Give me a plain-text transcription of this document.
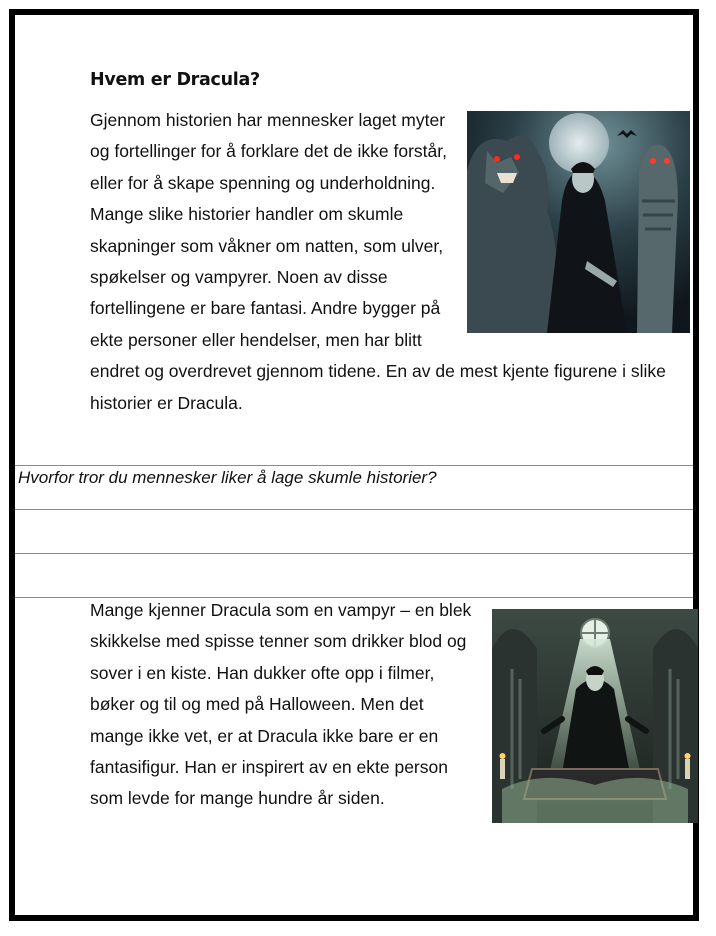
Hvem er Dracula?
Gjennom historien har mennesker laget myter og fortellinger for å forklare det de ikke forstår, eller for å skape spenning og underholdning. Mange slike historier handler om skumle skapninger som våkner om natten, som ulver, spøkelser og vampyrer. Noen av disse fortellingene er bare fantasi. Andre bygger på ekte personer eller hendelser, men har blitt endret og overdrevet gjennom tidene. En av de mest kjente figurene i slike historier er Dracula.

Hvorfor tror du mennesker liker å lage skumle historier?

Mange kjenner Dracula som en vampyr – en blek skikkelse med spisse tenner som drikker blod og sover i en kiste. Han dukker ofte opp i filmer, bøker og til og med på Halloween. Men det mange ikke vet, er at Dracula ikke bare er en fantasifigur. Han er inspirert av en ekte person som levde for mange hundre år siden.
